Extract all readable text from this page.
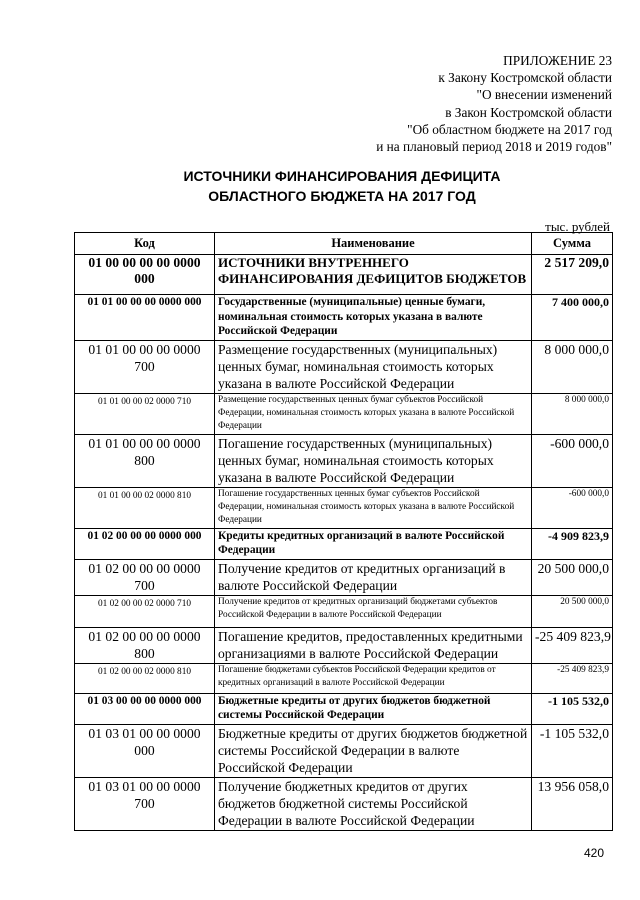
ПРИЛОЖЕНИЕ 23
к Закону Костромской области
"О внесении изменений
в Закон Костромской области
"Об областном бюджете на 2017 год
и на плановый период 2018 и 2019 годов"
ИСТОЧНИКИ ФИНАНСИРОВАНИЯ ДЕФИЦИТА
ОБЛАСТНОГО БЮДЖЕТА НА 2017 ГОД
тыс. рублей
Код	Наименование	Сумма
01 00 00 00 00 0000 000	ИСТОЧНИКИ ВНУТРЕННЕГО ФИНАНСИРОВАНИЯ ДЕФИЦИТОВ БЮДЖЕТОВ	2 517 209,0
01 01 00 00 00 0000 000	Государственные (муниципальные) ценные бумаги, номинальная стоимость которых указана в валюте Российской Федерации	7 400 000,0
01 01 00 00 00 0000 700	Размещение государственных (муниципальных) ценных бумаг, номинальная стоимость которых указана в валюте Российской Федерации	8 000 000,0
01 01 00 00 02 0000 710	Размещение государственных ценных бумаг субъектов Российской Федерации, номинальная стоимость которых указана в валюте Российской Федерации	8 000 000,0
01 01 00 00 00 0000 800	Погашение государственных (муниципальных) ценных бумаг, номинальная стоимость которых указана в валюте Российской Федерации	-600 000,0
01 01 00 00 02 0000 810	Погашение государственных ценных бумаг субъектов Российской Федерации, номинальная стоимость которых указана в валюте Российской Федерации	-600 000,0
01 02 00 00 00 0000 000	Кредиты кредитных организаций в валюте Российской Федерации	-4 909 823,9
01 02 00 00 00 0000 700	Получение кредитов от кредитных организаций в валюте Российской Федерации	20 500 000,0
01 02 00 00 02 0000 710	Получение кредитов от кредитных организаций бюджетами субъектов Российской Федерации в валюте Российской Федерации	20 500 000,0
01 02 00 00 00 0000 800	Погашение кредитов, предоставленных кредитными организациями в валюте Российской Федерации	-25 409 823,9
01 02 00 00 02 0000 810	Погашение бюджетами субъектов Российской Федерации кредитов от кредитных организаций в валюте Российской Федерации	-25 409 823,9
01 03 00 00 00 0000 000	Бюджетные кредиты от других бюджетов бюджетной системы Российской Федерации	-1 105 532,0
01 03 01 00 00 0000 000	Бюджетные кредиты от других бюджетов бюджетной системы Российской Федерации в валюте Российской Федерации	-1 105 532,0
01 03 01 00 00 0000 700	Получение бюджетных кредитов от других бюджетов бюджетной системы Российской Федерации в валюте Российской Федерации	13 956 058,0
420
